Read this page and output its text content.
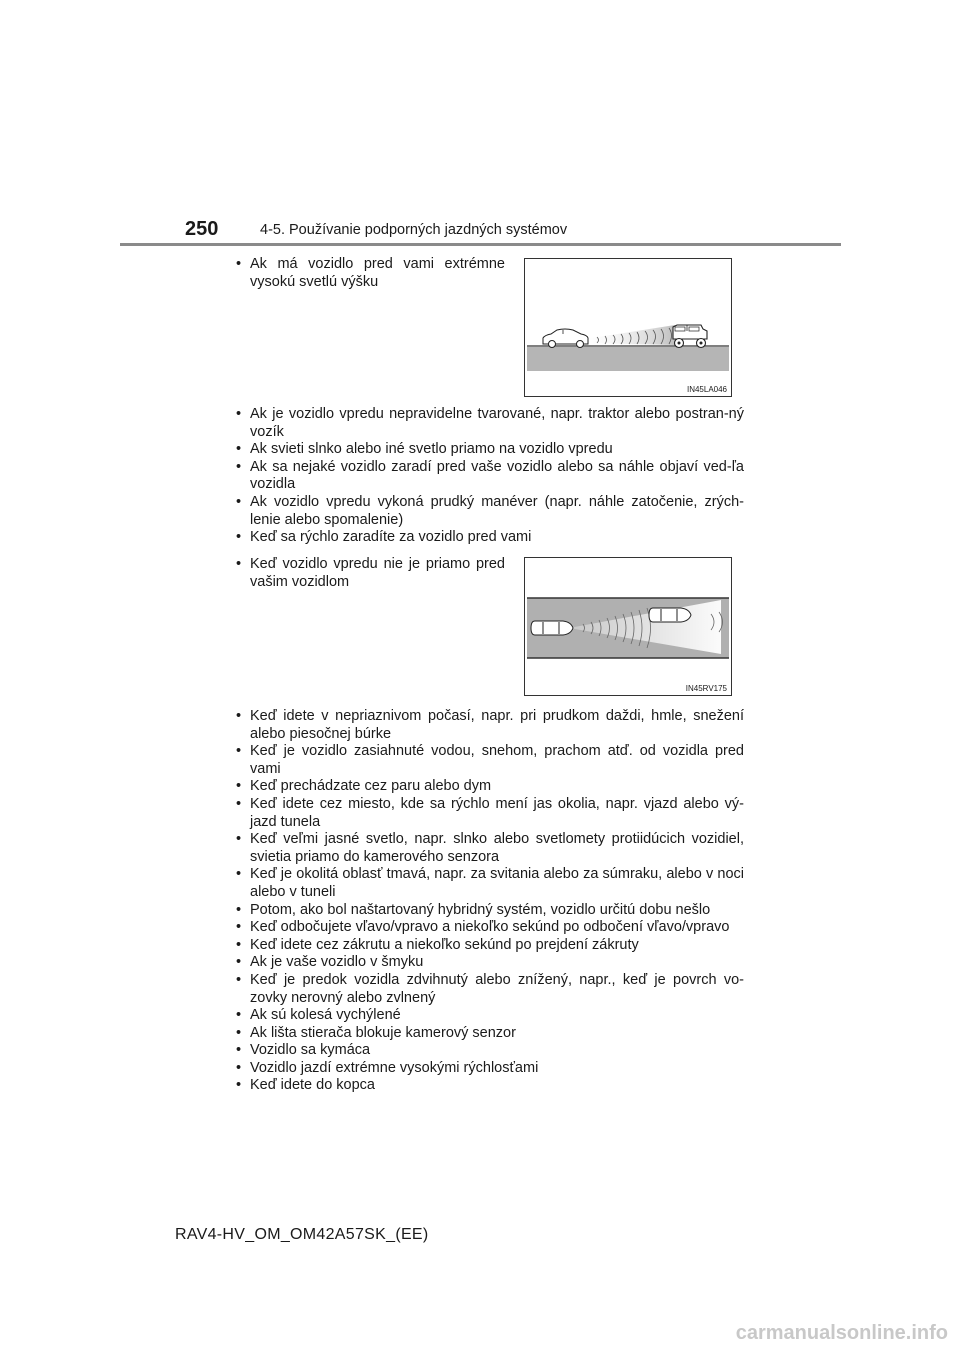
250	4-5. Používanie podporných jazdných systémov
• Ak má vozidlo pred vami extrémne vysokú svetlú výšku
IN45LA046
• Ak je vozidlo vpredu nepravidelne tvarované, napr. traktor alebo postran-ný vozík
• Ak svieti slnko alebo iné svetlo priamo na vozidlo vpredu
• Ak sa nejaké vozidlo zaradí pred vaše vozidlo alebo sa náhle objaví ved-ľa vozidla
• Ak vozidlo vpredu vykoná prudký manéver (napr. náhle zatočenie, zrých-lenie alebo spomalenie)
• Keď sa rýchlo zaradíte za vozidlo pred vami
• Keď vozidlo vpredu nie je priamo pred vašim vozidlom
IN45RV175
• Keď idete v nepriaznivom počasí, napr. pri prudkom daždi, hmle, snežení alebo piesočnej búrke
• Keď je vozidlo zasiahnuté vodou, snehom, prachom atď. od vozidla pred vami
• Keď prechádzate cez paru alebo dym
• Keď idete cez miesto, kde sa rýchlo mení jas okolia, napr. vjazd alebo vý-jazd tunela
• Keď veľmi jasné svetlo, napr. slnko alebo svetlomety protiidúcich vozidiel, svietia priamo do kamerového senzora
• Keď je okolitá oblasť tmavá, napr. za svitania alebo za súmraku, alebo v noci alebo v tuneli
• Potom, ako bol naštartovaný hybridný systém, vozidlo určitú dobu nešlo
• Keď odbočujete vľavo/vpravo a niekoľko sekúnd po odbočení vľavo/vpravo
• Keď idete cez zákrutu a niekoľko sekúnd po prejdení zákruty
• Ak je vaše vozidlo v šmyku
• Keď je predok vozidla zdvihnutý alebo znížený, napr., keď je povrch vo-zovky nerovný alebo zvlnený
• Ak sú kolesá vychýlené
• Ak lišta stierača blokuje kamerový senzor
• Vozidlo sa kymáca
• Vozidlo jazdí extrémne vysokými rýchlosťami
• Keď idete do kopca
RAV4-HV_OM_OM42A57SK_(EE)
carmanualsonline.info
